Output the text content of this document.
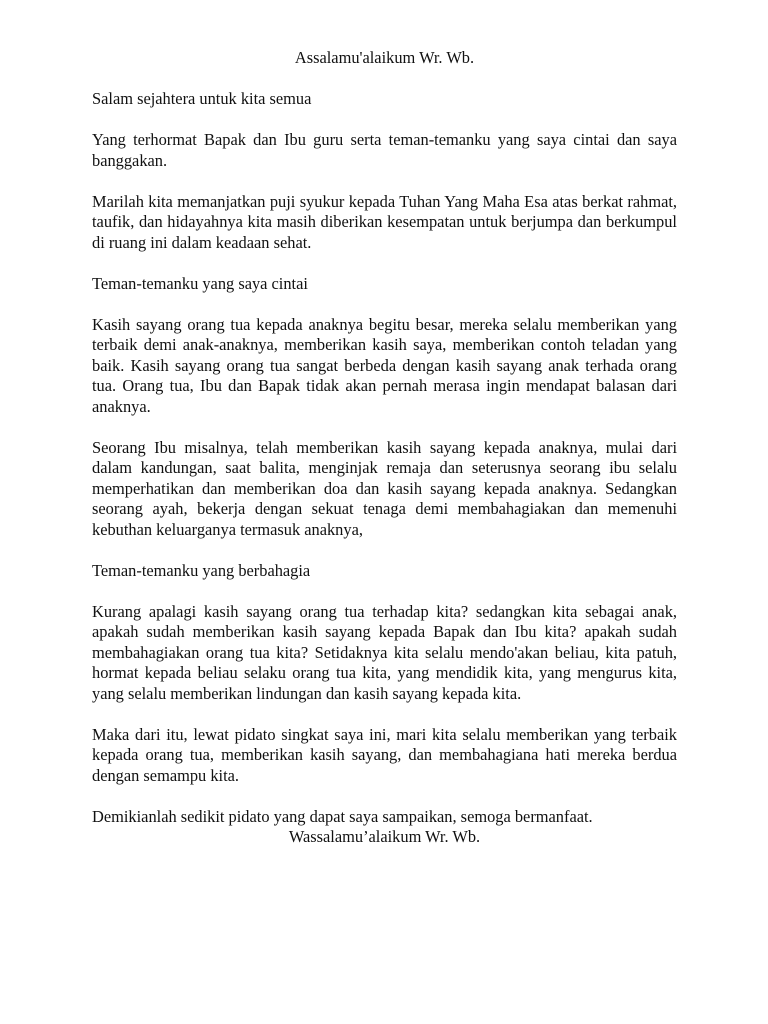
Assalamu'alaikum Wr. Wb.

Salam sejahtera untuk kita semua

Yang terhormat Bapak dan Ibu guru serta teman-temanku yang saya cintai dan saya banggakan.

Marilah kita memanjatkan puji syukur kepada Tuhan Yang Maha Esa atas berkat rahmat, taufik, dan hidayahnya kita masih diberikan kesempatan untuk berjumpa dan berkumpul di ruang ini dalam keadaan sehat.

Teman-temanku yang saya cintai

Kasih sayang orang tua kepada anaknya begitu besar, mereka selalu memberikan yang terbaik demi anak-anaknya, memberikan kasih saya, memberikan contoh teladan yang baik. Kasih sayang orang tua sangat berbeda dengan kasih sayang anak terhada orang tua. Orang tua, Ibu dan Bapak tidak akan pernah merasa ingin mendapat balasan dari anaknya.

Seorang Ibu misalnya, telah memberikan kasih sayang kepada anaknya, mulai dari dalam kandungan, saat balita, menginjak remaja dan seterusnya seorang ibu selalu memperhatikan dan memberikan doa dan kasih sayang kepada anaknya. Sedangkan seorang ayah, bekerja dengan sekuat tenaga demi membahagiakan dan memenuhi kebuthan keluarganya termasuk anaknya,

Teman-temanku yang berbahagia

Kurang apalagi kasih sayang orang tua terhadap kita? sedangkan kita sebagai anak, apakah sudah memberikan kasih sayang kepada Bapak dan Ibu kita? apakah sudah membahagiakan orang tua kita? Setidaknya kita selalu mendo'akan beliau, kita patuh, hormat kepada beliau selaku orang tua kita, yang mendidik kita, yang mengurus kita, yang selalu memberikan lindungan dan kasih sayang kepada kita.

Maka dari itu, lewat pidato singkat saya ini, mari kita selalu memberikan yang terbaik kepada orang tua, memberikan kasih sayang, dan membahagiana hati mereka berdua dengan semampu kita.

Demikianlah sedikit pidato yang dapat saya sampaikan, semoga bermanfaat.

Wassalamu’alaikum Wr. Wb.
